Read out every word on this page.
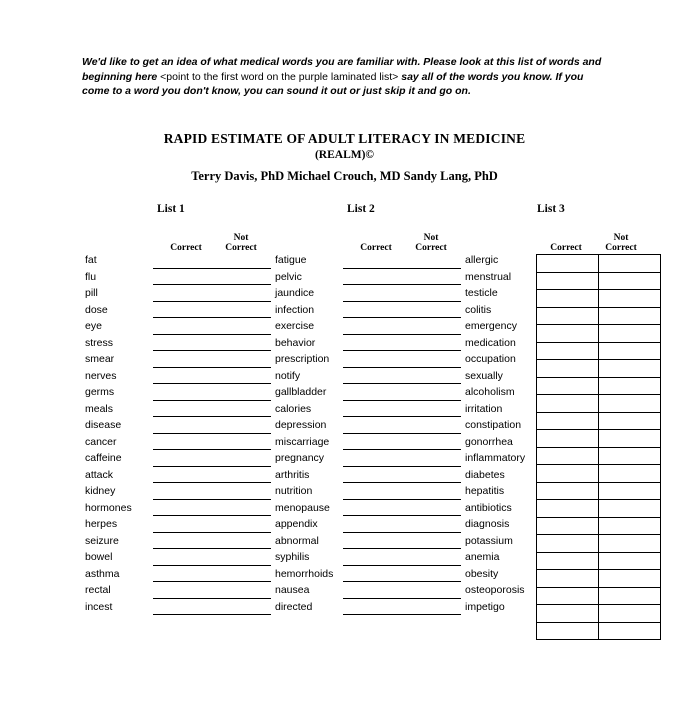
We'd like to get an idea of what medical words you are familiar with. Please look at this list of words and beginning here <point to the first word on the purple laminated list> say all of the words you know. If you come to a word you don't know, you can sound it out or just skip it and go on.
RAPID ESTIMATE OF ADULT LITERACY IN MEDICINE
(REALM)©
Terry Davis, PhD Michael Crouch, MD Sandy Lang, PhD
List 1
Correct
Not
Correct
fat
flu
pill
dose
eye
stress
smear
nerves
germs
meals
disease
cancer
caffeine
attack
kidney
hormones
herpes
seizure
bowel
asthma
rectal
incest
List 2
Correct
Not
Correct
fatigue
pelvic
jaundice
infection
exercise
behavior
prescription
notify
gallbladder
calories
depression
miscarriage
pregnancy
arthritis
nutrition
menopause
appendix
abnormal
syphilis
hemorrhoids
nausea
directed
List 3
Correct
Not
Correct
allergic
menstrual
testicle
colitis
emergency
medication
occupation
sexually
alcoholism
irritation
constipation
gonorrhea
inflammatory
diabetes
hepatitis
antibiotics
diagnosis
potassium
anemia
obesity
osteoporosis
impetigo
